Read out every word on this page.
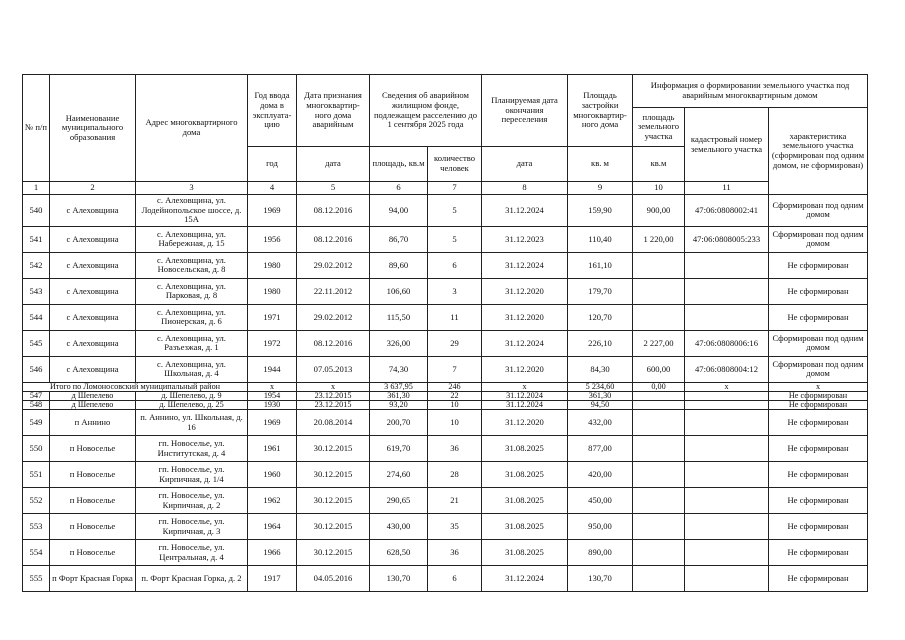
№ п/п	Наименование муниципального образования	Адрес многоквартирного дома	Год ввода дома в эксплуата-цию	Дата признания многоквартир-ного дома аварийным	Сведения об аварийном жилищном фонде, подлежащем расселению до 1 сентября 2025 года		Планируемая дата окончания переселения	Площадь застройки многоквартир-ного дома	Информация о формировании земельного участка под аварийным многоквартирным домом			
									площадь земельного участка	кадастровый номер земельного участка	характеристика земельного участка (сформирован под одним домом, не сформирован)	
			год	дата	площадь, кв.м	количество человек	дата	кв. м	кв.м			
1	2	3	4	5	6	7	8	9	10	11	
540	с Алеховщина	с. Алеховщина, ул. Лодейнопольское шоссе, д. 15А	1969	08.12.2016	94,00	5	31.12.2024	159,90	900,00	47:06:0808002:41	Сформирован под одним домом	
541	с Алеховщина	с. Алеховщина, ул. Набережная, д. 15	1956	08.12.2016	86,70	5	31.12.2023	110,40	1 220,00	47:06:0808005:233	Сформирован под одним домом	
542	с Алеховщина	с. Алеховщина, ул. Новосельская, д. 8	1980	29.02.2012	89,60	6	31.12.2024	161,10			Не сформирован	
543	с Алеховщина	с. Алеховщина, ул. Парковая, д. 8	1980	22.11.2012	106,60	3	31.12.2020	179,70			Не сформирован	
544	с Алеховщина	с. Алеховщина, ул. Пионерская, д. 6	1971	29.02.2012	115,50	11	31.12.2020	120,70			Не сформирован	
545	с Алеховщина	с. Алеховщина, ул. Разъезжая, д. 1	1972	08.12.2016	326,00	29	31.12.2024	226,10	2 227,00	47:06:0808006:16	Сформирован под одним домом	
546	с Алеховщина	с. Алеховщина, ул. Школьная, д. 4	1944	07.05.2013	74,30	7	31.12.2020	84,30	600,00	47:06:0808004:12	Сформирован под одним домом	
Итого по Ломоносовский муниципальный район			x	x	3 637,95	246	x	5 234,60	0,00	x	x	
547	д Шепелево	д. Шепелево, д. 9	1954	23.12.2015	361,30	22	31.12.2024	361,30			Не сформирован	
548	д Шепелево	д. Шепелево, д. 25	1930	23.12.2015	93,20	10	31.12.2024	94,50			Не сформирован	
549	п Аннино	п. Аннино, ул. Школьная, д. 16	1969	20.08.2014	200,70	10	31.12.2020	432,00			Не сформирован	
550	п Новоселье	гп. Новоселье, ул. Институтская, д. 4	1961	30.12.2015	619,70	36	31.08.2025	877,00			Не сформирован	
551	п Новоселье	гп. Новоселье, ул. Кирпичная, д. 1/4	1960	30.12.2015	274,60	28	31.08.2025	420,00			Не сформирован	
552	п Новоселье	гп. Новоселье, ул. Кирпичная, д. 2	1962	30.12.2015	290,65	21	31.08.2025	450,00			Не сформирован	
553	п Новоселье	гп. Новоселье, ул. Кирпичная, д. 3	1964	30.12.2015	430,00	35	31.08.2025	950,00			Не сформирован	
554	п Новоселье	гп. Новоселье, ул. Центральная, д. 4	1966	30.12.2015	628,50	36	31.08.2025	890,00			Не сформирован	
555	п Форт Красная Горка	п. Форт Красная Горка, д. 2	1917	04.05.2016	130,70	6	31.12.2024	130,70			Не сформирован	
